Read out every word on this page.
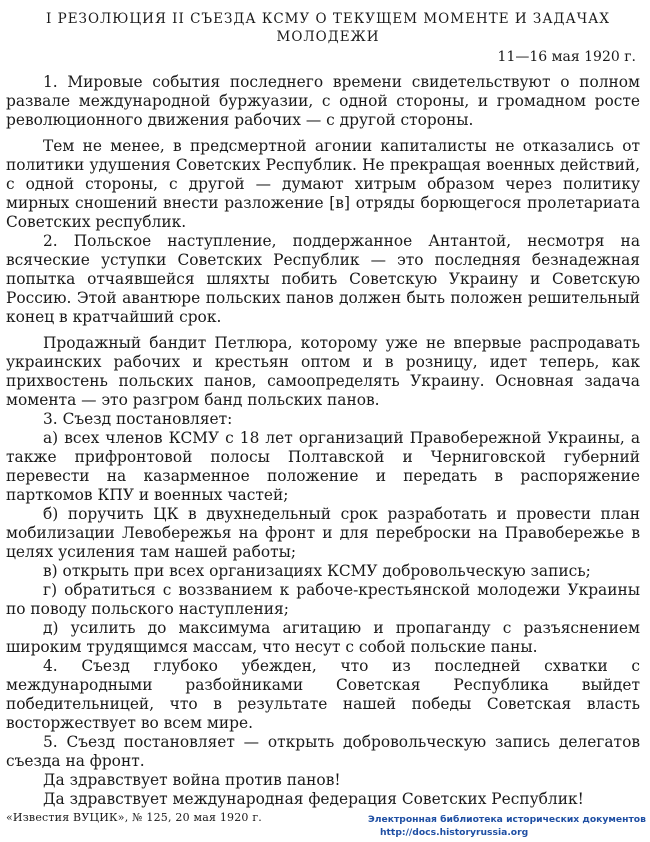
I РЕЗОЛЮЦИЯ II СЪЕЗДА КСМУ О ТЕКУЩЕМ МОМЕНТЕ И ЗАДАЧАХ МОЛОДЕЖИ
11—16 мая 1920 г.

1. Мировые события последнего времени свидетельствуют о полном развале международной буржуазии, с одной стороны, и громадном росте революционного движения рабочих — с другой стороны.

Тем не менее, в предсмертной агонии капиталисты не отказались от политики удушения Советских Республик. Не прекращая военных действий, с одной стороны, с другой — думают хитрым образом через политику мирных сношений внести разложение [в] отряды борющегося пролетариата Советских республик.

2. Польское наступление, поддержанное Антантой, несмотря на всяческие уступки Советских Республик — это последняя безнадежная попытка отчаявшейся шляхты побить Советскую Украину и Советскую Россию. Этой авантюре польских панов должен быть положен решительный конец в кратчайший срок.

Продажный бандит Петлюра, которому уже не впервые распродавать украинских рабочих и крестьян оптом и в розницу, идет теперь, как прихвостень польских панов, самоопределять Украину. Основная задача момента — это разгром банд польских панов.

3. Съезд постановляет:

а) всех членов КСМУ с 18 лет организаций Правобережной Украины, а также прифронтовой полосы Полтавской и Черниговской губерний перевести на казарменное положение и передать в распоряжение парткомов КПУ и военных частей;

б) поручить ЦК в двухнедельный срок разработать и провести план мобилизации Левобережья на фронт и для переброски на Правобережье в целях усиления там нашей работы;

в) открыть при всех организациях КСМУ добровольческую запись;

г) обратиться с воззванием к рабоче-крестьянской молодежи Украины по поводу польского наступления;

д) усилить до максимума агитацию и пропаганду с разъяснением широким трудящимся массам, что несут с собой польские паны.

4. Съезд глубоко убежден, что из последней схватки с международными разбойниками Советская Республика выйдет победительницей, что в результате нашей победы Советская власть восторжествует во всем мире.

5. Съезд постановляет — открыть добровольческую запись делегатов съезда на фронт.

Да здравствует война против панов!

Да здравствует международная федерация Советских Республик!

«Известия ВУЦИК», № 125, 20 мая 1920 г.	Электронная библиотека исторических документов
http://docs.historyrussia.org
